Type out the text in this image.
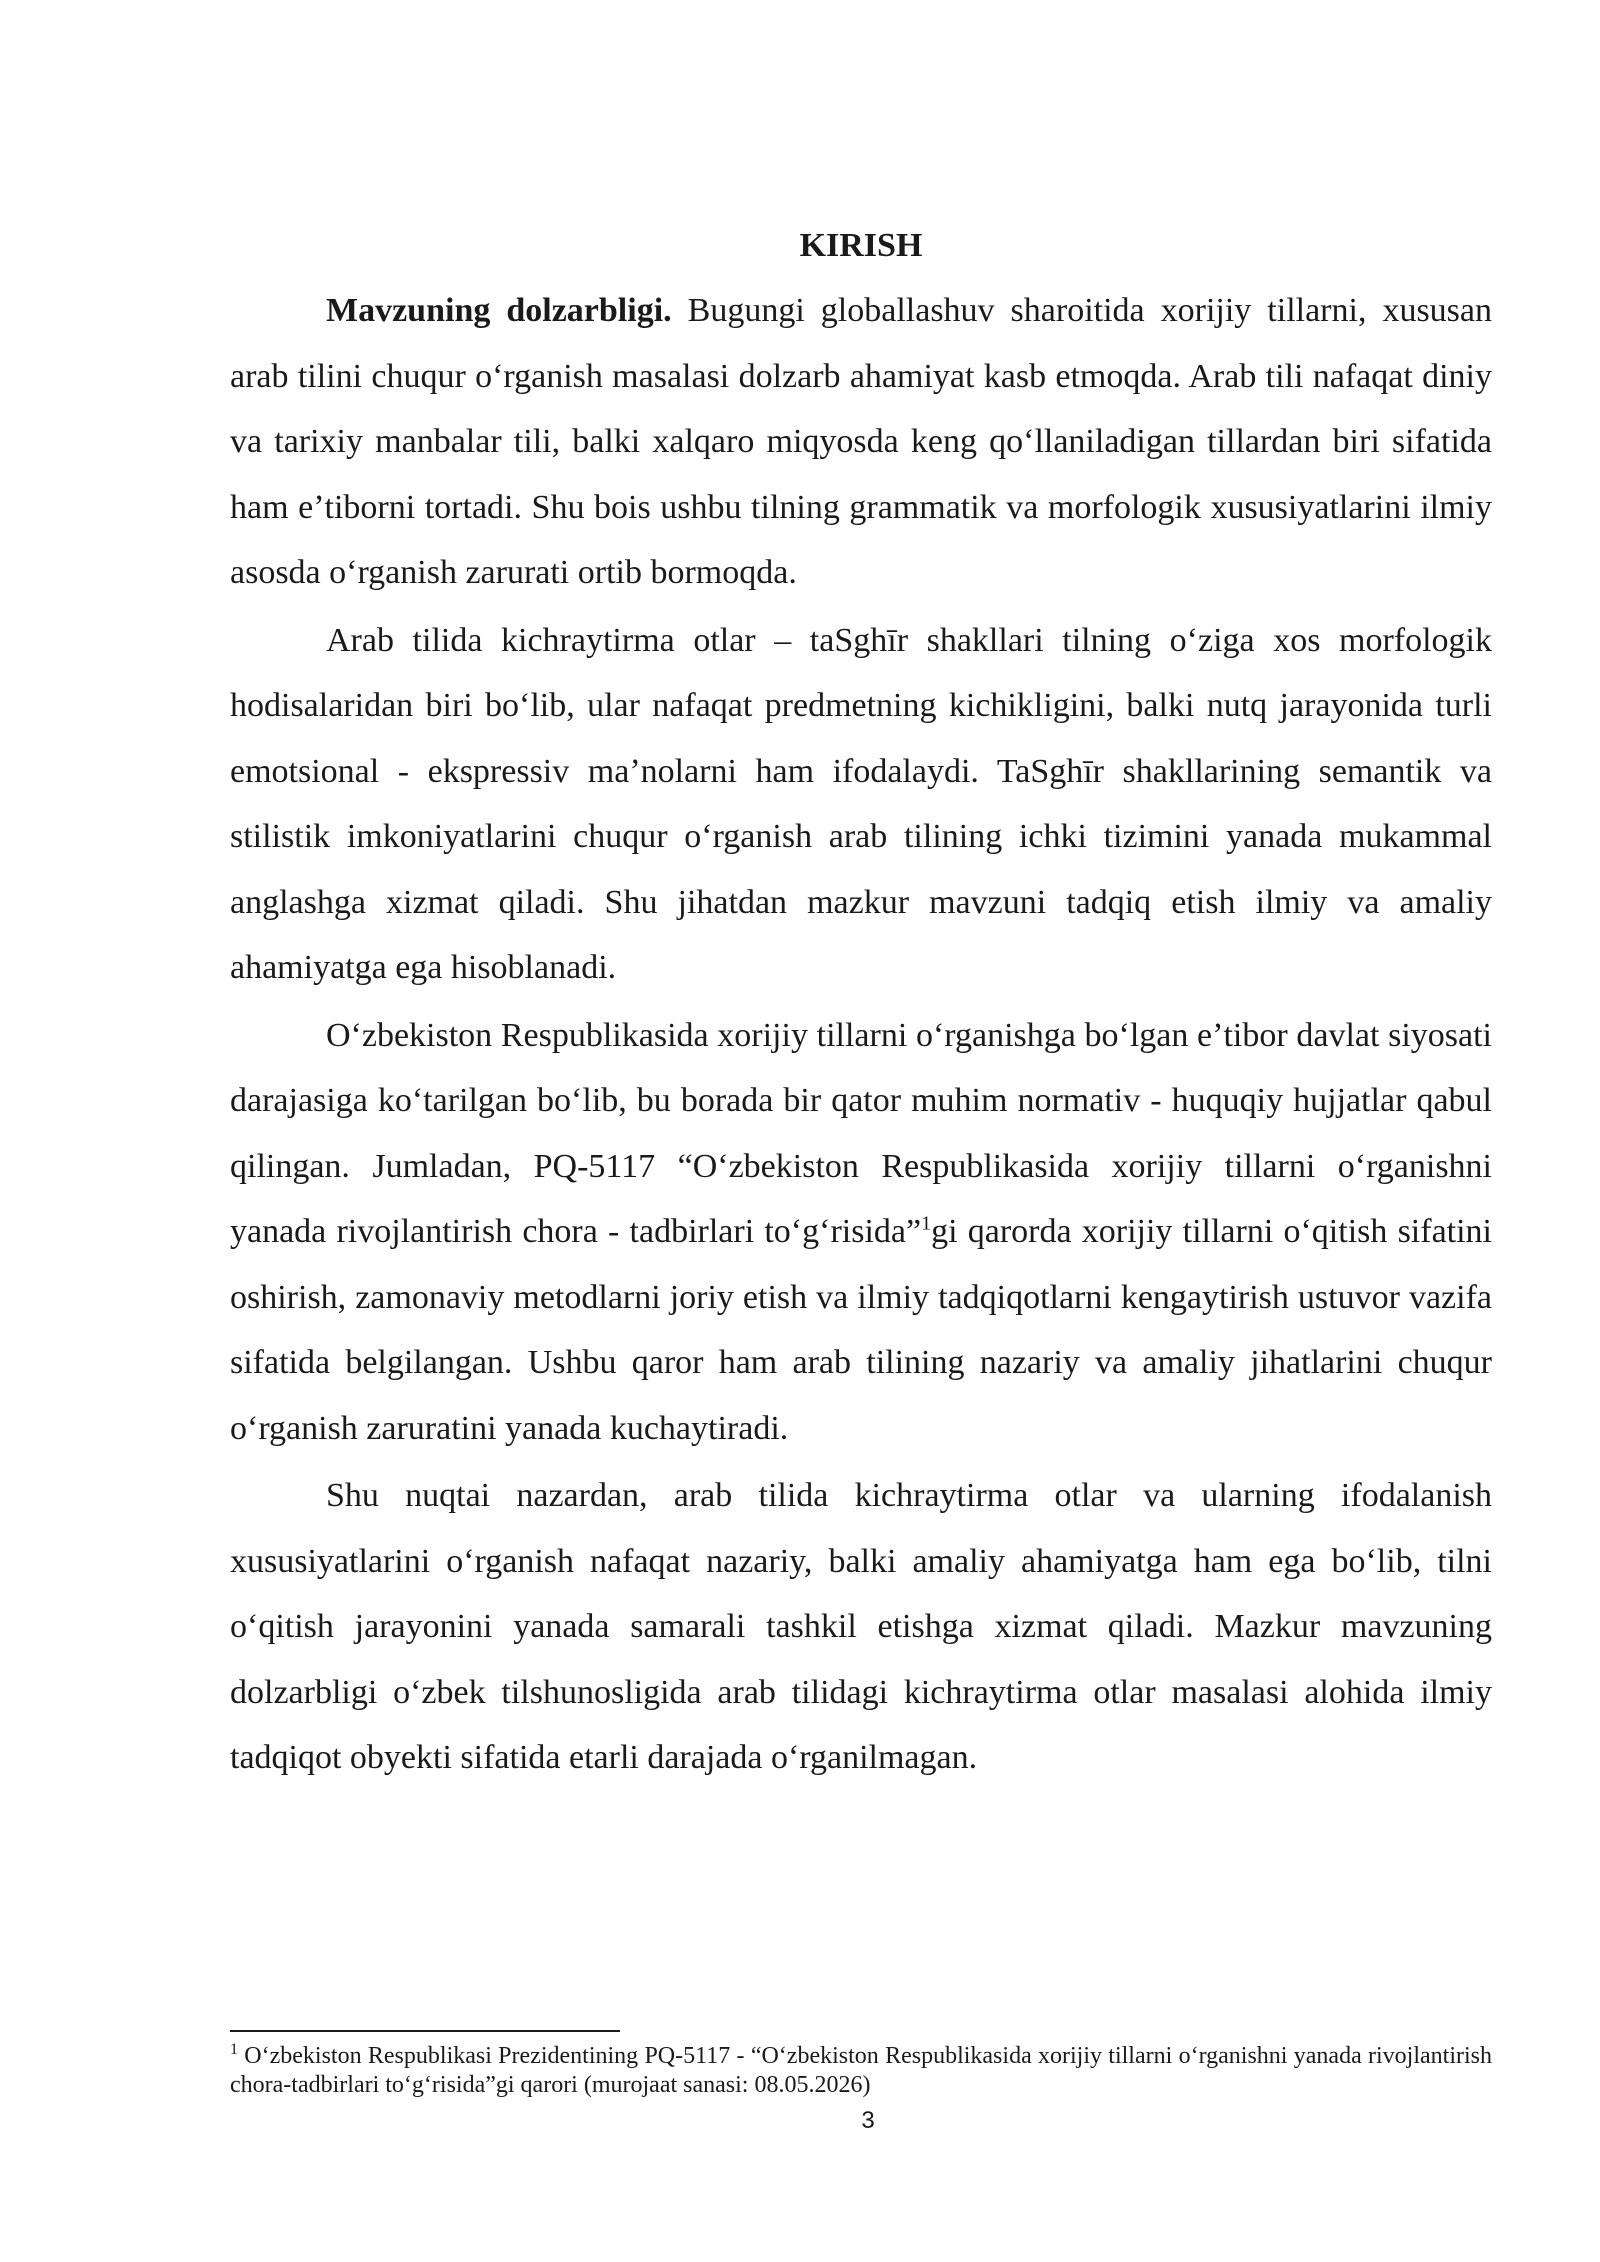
KIRISH

Mavzuning dolzarbligi. Bugungi globallashuv sharoitida xorijiy tillarni, xususan arab tilini chuqur oʻrganish masalasi dolzarb ahamiyat kasb etmoqda. Arab tili nafaqat diniy va tarixiy manbalar tili, balki xalqaro miqyosda keng qoʻllaniladigan tillardan biri sifatida ham eʼtiborni tortadi. Shu bois ushbu tilning grammatik va morfologik xususiyatlarini ilmiy asosda oʻrganish zarurati ortib bormoqda.

Arab tilida kichraytirma otlar – taSghīr shakllari tilning oʻziga xos morfologik hodisalaridan biri boʻlib, ular nafaqat predmetning kichikligini, balki nutq jarayonida turli emotsional - ekspressiv maʼnolarni ham ifodalaydi. TaSghīr shakllarining semantik va stilistik imkoniyatlarini chuqur oʻrganish arab tilining ichki tizimini yanada mukammal anglashga xizmat qiladi. Shu jihatdan mazkur mavzuni tadqiq etish ilmiy va amaliy ahamiyatga ega hisoblanadi.

Oʻzbekiston Respublikasida xorijiy tillarni oʻrganishga boʻlgan eʼtibor davlat siyosati darajasiga koʻtarilgan boʻlib, bu borada bir qator muhim normativ - huquqiy hujjatlar qabul qilingan. Jumladan, PQ-5117 “Oʻzbekiston Respublikasida xorijiy tillarni oʻrganishni yanada rivojlantirish chora - tadbirlari toʻgʻrisida”$^1$gi qarorda xorijiy tillarni oʻqitish sifatini oshirish, zamonaviy metodlarni joriy etish va ilmiy tadqiqotlarni kengaytirish ustuvor vazifa sifatida belgilangan. Ushbu qaror ham arab tilining nazariy va amaliy jihatlarini chuqur oʻrganish zaruratini yanada kuchaytiradi.

Shu nuqtai nazardan, arab tilida kichraytirma otlar va ularning ifodalanish xususiyatlarini oʻrganish nafaqat nazariy, balki amaliy ahamiyatga ham ega boʻlib, tilni oʻqitish jarayonini yanada samarali tashkil etishga xizmat qiladi. Mazkur mavzuning dolzarbligi oʻzbek tilshunosligida arab tilidagi kichraytirma otlar masalasi alohida ilmiy tadqiqot obyekti sifatida etarli darajada oʻrganilmagan.

$^1$ Oʻzbekiston Respublikasi Prezidentining PQ-5117 - “Oʻzbekiston Respublikasida xorijiy tillarni oʻrganishni yanada rivojlantirish chora-tadbirlari toʻgʻrisida”gi qarori (murojaat sanasi: 08.05.2026)
3
